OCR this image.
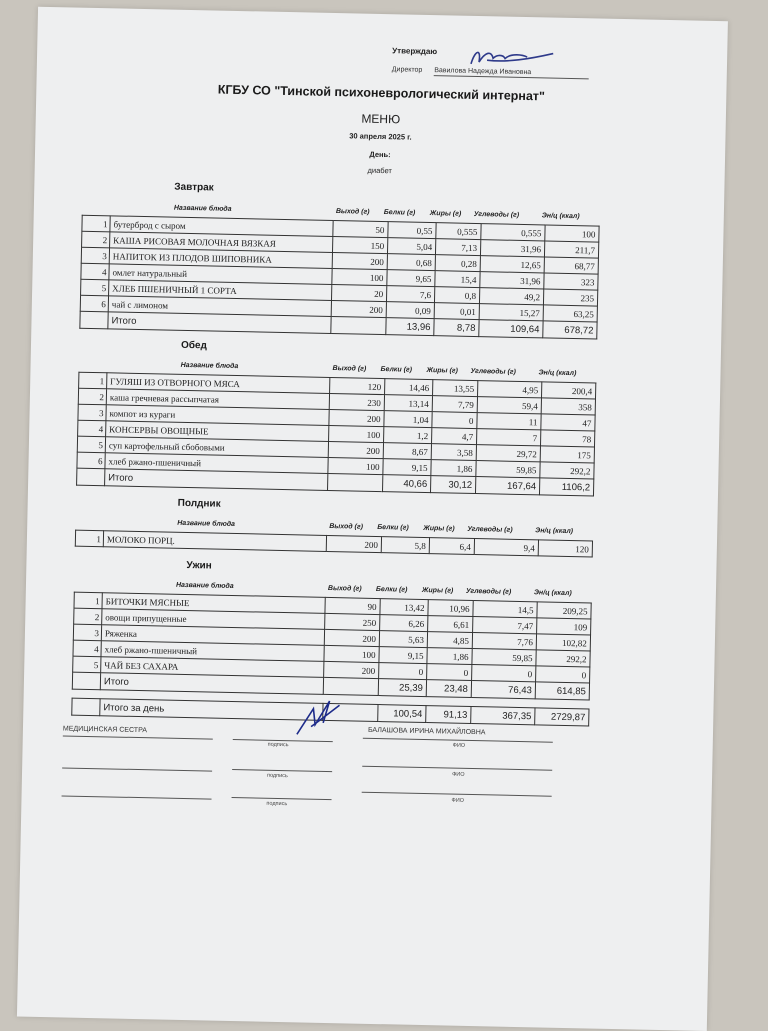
Утверждаю
Директор Вавилова Надежда Ивановна
КГБУ СО "Тинской психоневрологический интернат"
МЕНЮ
30 апреля 2025 г.
День:
диабет
Завтрак
Название блюда	Выход (г) Белки (г) Жиры (г) Углеводы (г)	Эн/ц (ккал)
1	бутерброд с сыром	50	0,55	0,555	0,555	100
2	КАША РИСОВАЯ МОЛОЧНАЯ ВЯЗКАЯ	150	5,04	7,13	31,96	211,7
3	НАПИТОК ИЗ ПЛОДОВ ШИПОВНИКА	200	0,68	0,28	12,65	68,77
4	омлет натуральный	100	9,65	15,4	31,96	323
5	ХЛЕБ ПШЕНИЧНЫЙ 1 СОРТА	20	7,6	0,8	49,2	235
6	чай с лимоном	200	0,09	0,01	15,27	63,25
	Итого		13,96	8,78	109,64	678,72
Обед
Название блюда	Выход (г) Белки (г) Жиры (г) Углеводы (г)	Эн/ц (ккал)
1	ГУЛЯШ ИЗ ОТВОРНОГО МЯСА	120	14,46	13,55	4,95	200,4
2	каша гречневая рассыпчатая	230	13,14	7,79	59,4	358
3	компот из кураги	200	1,04	0	11	47
4	КОНСЕРВЫ ОВОЩНЫЕ	100	1,2	4,7	7	78
5	суп картофельный сбобовыми	200	8,67	3,58	29,72	175
6	хлеб ржано-пшеничный	100	9,15	1,86	59,85	292,2
	Итого		40,66	30,12	167,64	1106,2
Полдник
Название блюда	Выход (г) Белки (г) Жиры (г) Углеводы (г)	Эн/ц (ккал)
1	МОЛОКО ПОРЦ.	200	5,8	6,4	9,4	120
Ужин
Название блюда	Выход (г) Белки (г) Жиры (г) Углеводы (г)	Эн/ц (ккал)
1	БИТОЧКИ МЯСНЫЕ	90	13,42	10,96	14,5	209,25
2	овощи припущенные	250	6,26	6,61	7,47	109
3	Ряженка	200	5,63	4,85	7,76	102,82
4	хлеб ржано-пшеничный	100	9,15	1,86	59,85	292,2
5	ЧАЙ БЕЗ САХАРА	200	0	0	0	0
	Итого		25,39	23,48	76,43	614,85
	Итого за день		100,54	91,13	367,35	2729,87
МЕДИЦИНСКАЯ СЕСТРА
подпись
БАЛАШОВА ИРИНА МИХАЙЛОВНА
ФИО
подпись	ФИО
подпись	ФИО
